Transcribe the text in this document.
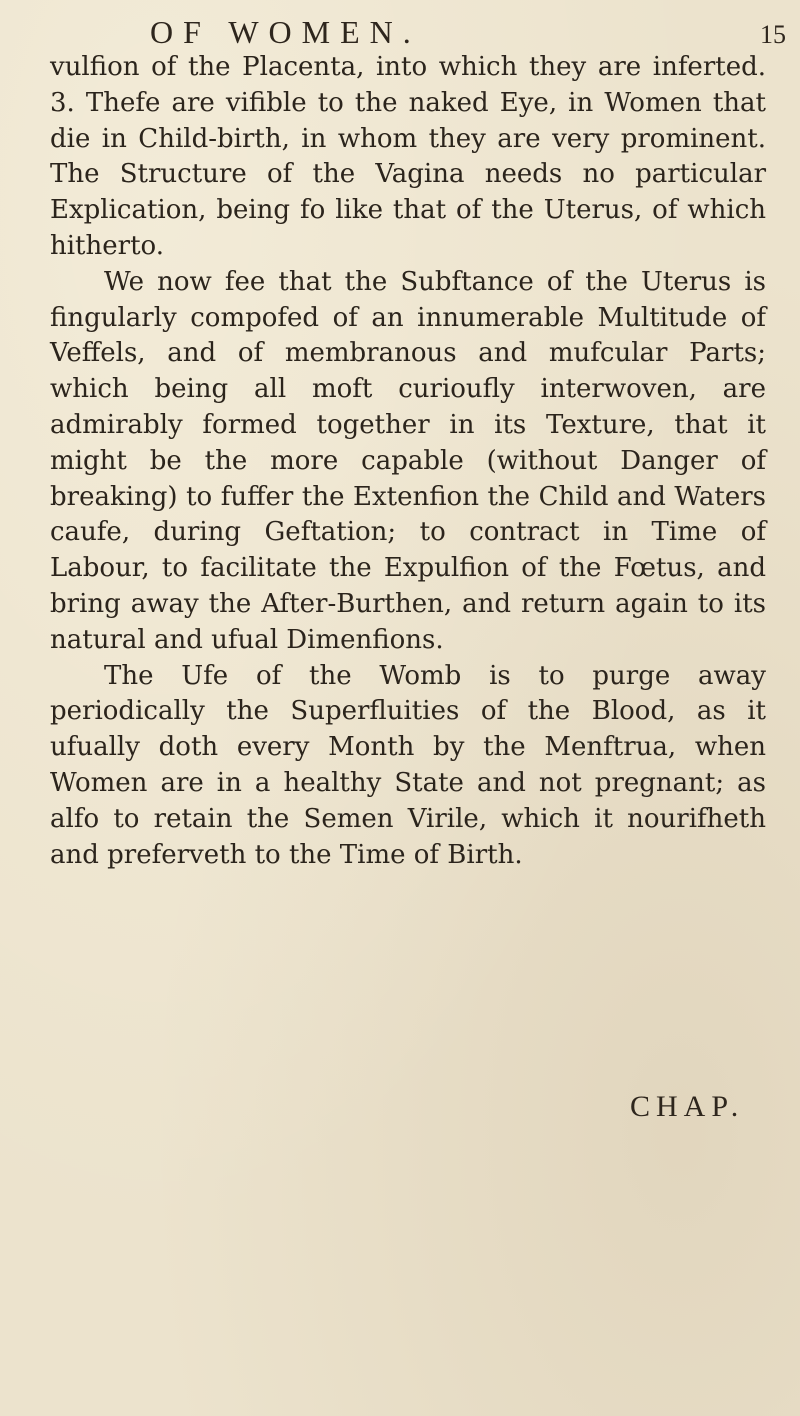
OF WOMEN.	15

vulfion of the Placenta, into which they are inferted. 3. Thefe are vifible to the naked Eye, in Women that die in Child-birth, in whom they are very prominent. The Structure of the Vagina needs no particular Explication, being fo like that of the Uterus, of which hitherto.

We now fee that the Subftance of the Uterus is fingularly compofed of an innumerable Multitude of Veffels, and of membranous and mufcular Parts; which being all moft curioufly interwoven, are admirably formed together in its Texture, that it might be the more capable (without Danger of breaking) to fuffer the Extenfion the Child and Waters caufe, during Geftation; to contract in Time of Labour, to facilitate the Expulfion of the Fœtus, and bring away the After-Burthen, and return again to its natural and ufual Dimenfions.

The Ufe of the Womb is to purge away periodically the Superfluities of the Blood, as it ufually doth every Month by the Menftrua, when Women are in a healthy State and not pregnant; as alfo to retain the Semen Virile, which it nourifheth and preferveth to the Time of Birth.

CHAP.
